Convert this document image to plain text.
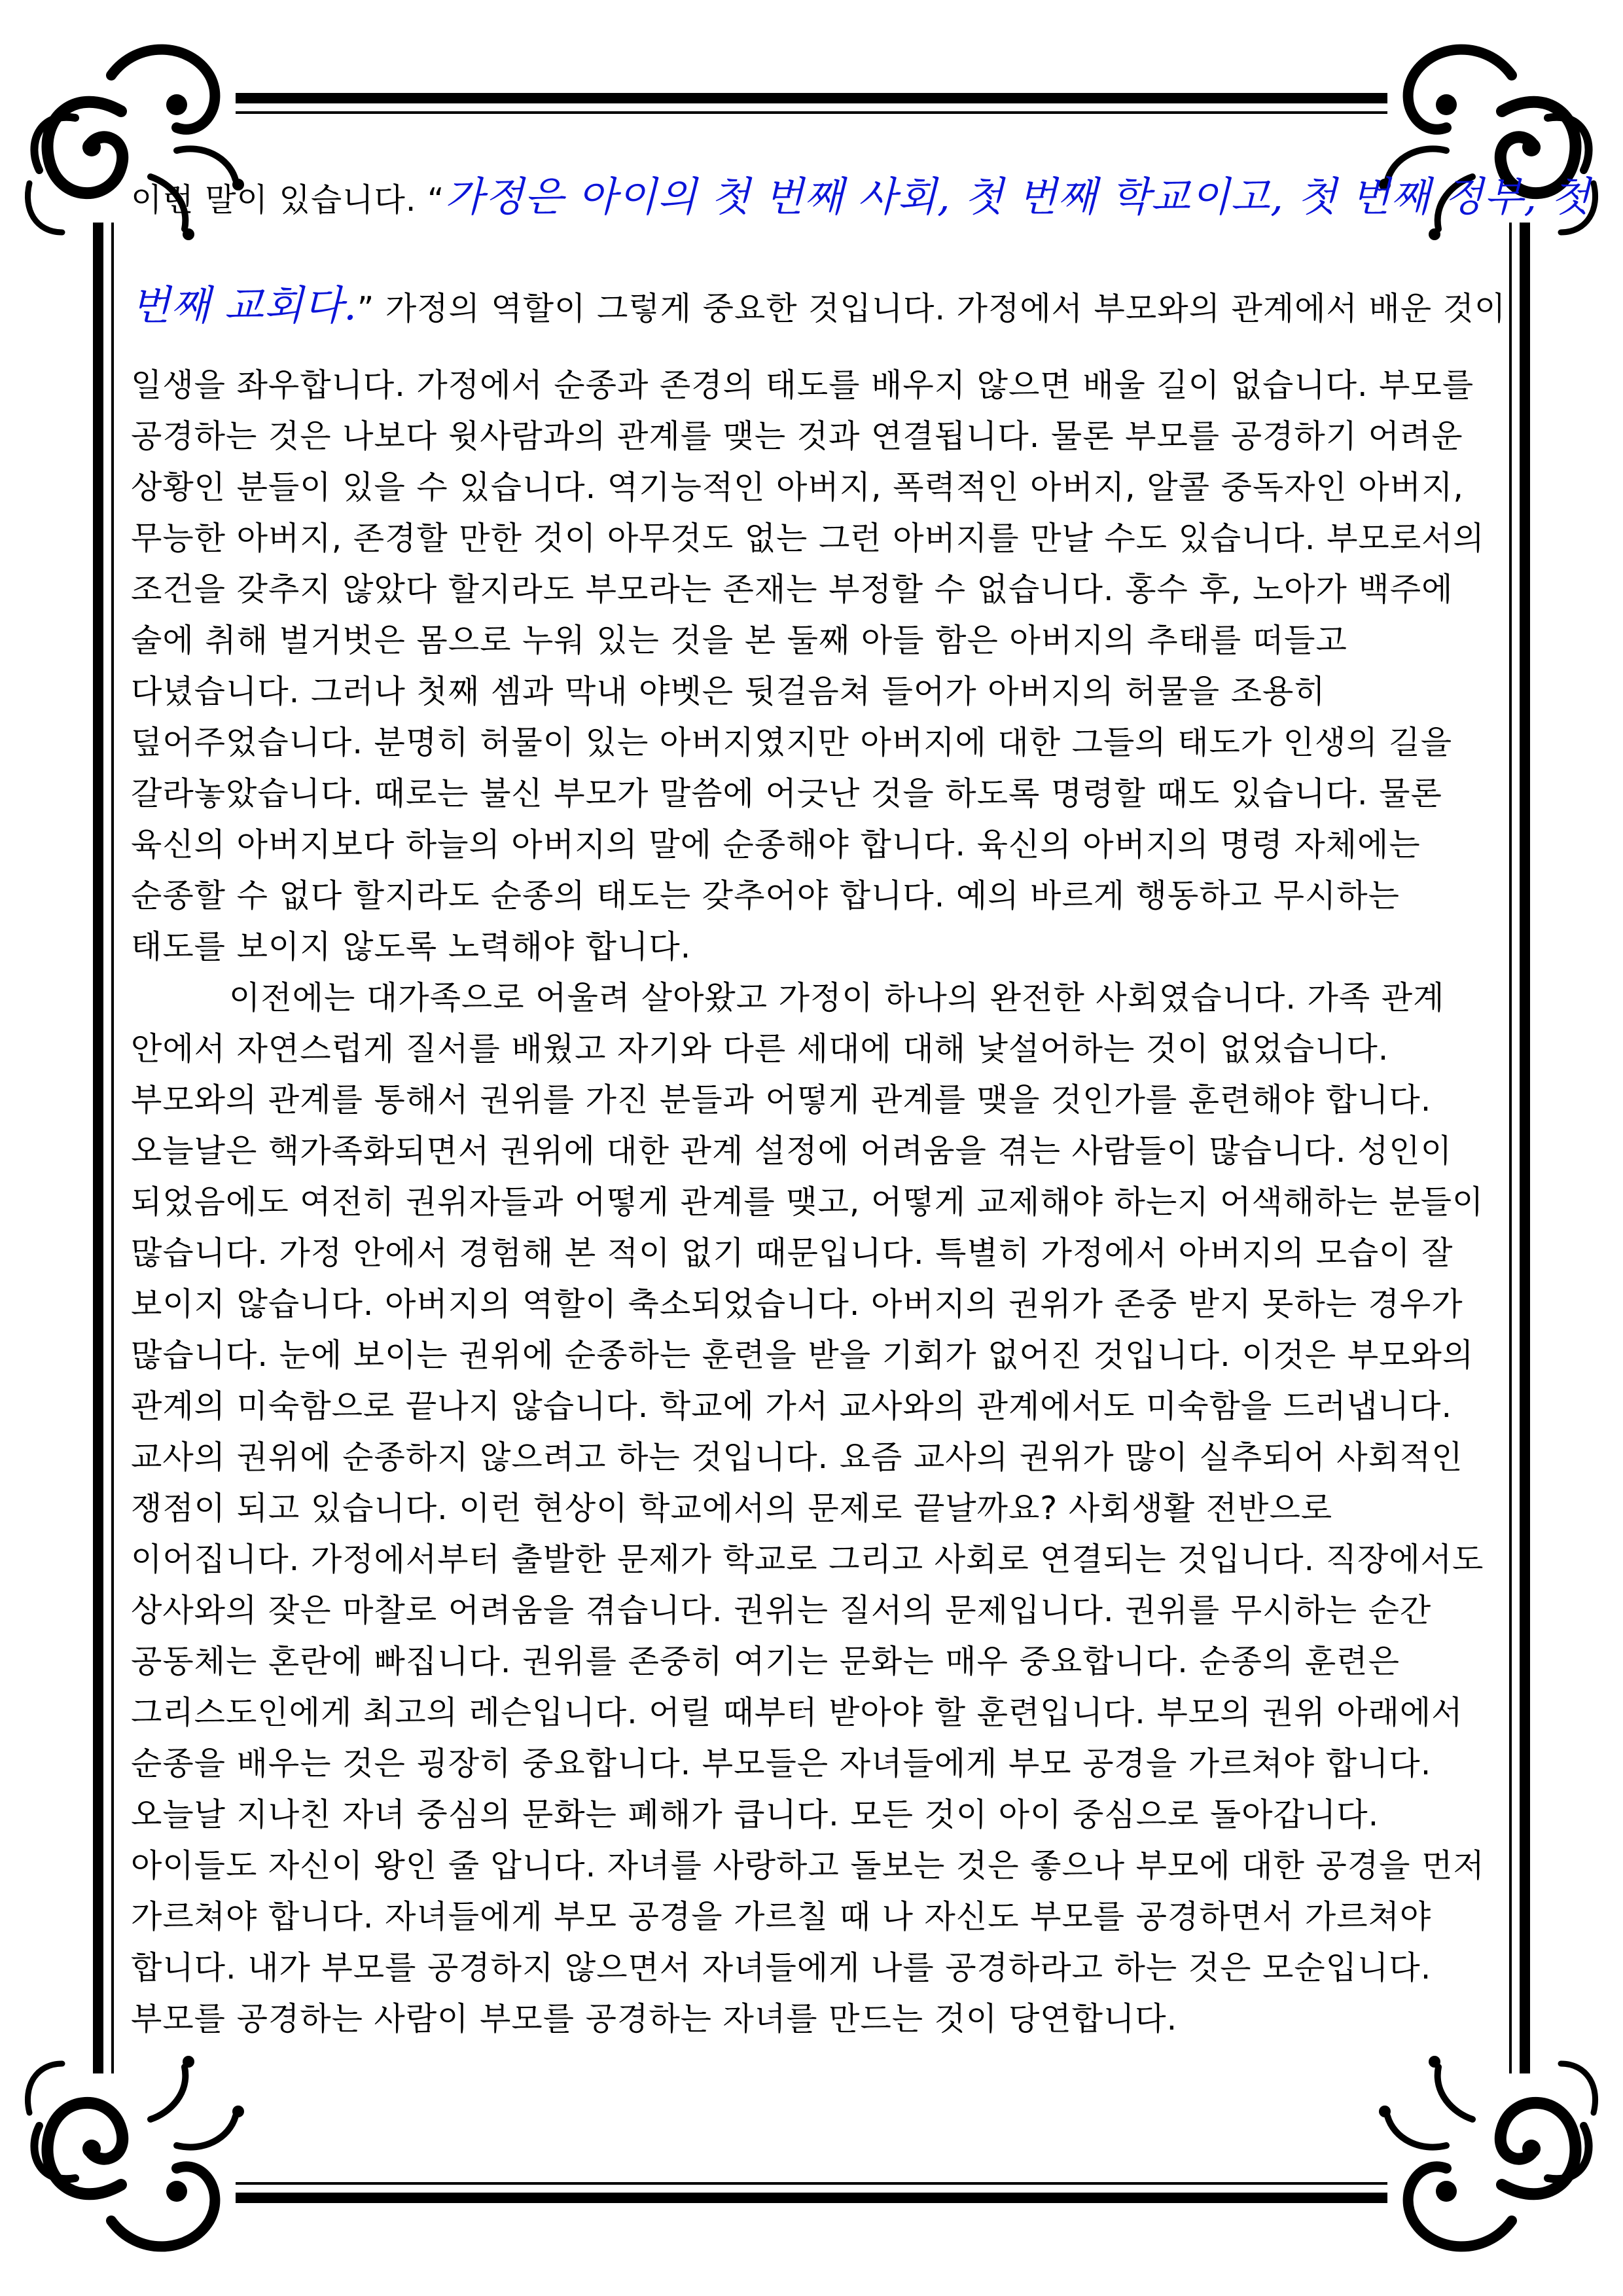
이런 말이 있습니다. “가정은 아이의 첫 번째 사회, 첫 번째 학교이고, 첫 번째 정부, 첫
번째 교회다.” 가정의 역할이 그렇게 중요한 것입니다. 가정에서 부모와의 관계에서 배운 것이
일생을 좌우합니다. 가정에서 순종과 존경의 태도를 배우지 않으면 배울 길이 없습니다. 부모를
공경하는 것은 나보다 윗사람과의 관계를 맺는 것과 연결됩니다. 물론 부모를 공경하기 어려운
상황인 분들이 있을 수 있습니다. 역기능적인 아버지, 폭력적인 아버지, 알콜 중독자인 아버지,
무능한 아버지, 존경할 만한 것이 아무것도 없는 그런 아버지를 만날 수도 있습니다. 부모로서의
조건을 갖추지 않았다 할지라도 부모라는 존재는 부정할 수 없습니다. 홍수 후, 노아가 백주에
술에 취해 벌거벗은 몸으로 누워 있는 것을 본 둘째 아들 함은 아버지의 추태를 떠들고
다녔습니다. 그러나 첫째 셈과 막내 야벳은 뒷걸음쳐 들어가 아버지의 허물을 조용히
덮어주었습니다. 분명히 허물이 있는 아버지였지만 아버지에 대한 그들의 태도가 인생의 길을
갈라놓았습니다. 때로는 불신 부모가 말씀에 어긋난 것을 하도록 명령할 때도 있습니다. 물론
육신의 아버지보다 하늘의 아버지의 말에 순종해야 합니다. 육신의 아버지의 명령 자체에는
순종할 수 없다 할지라도 순종의 태도는 갖추어야 합니다. 예의 바르게 행동하고 무시하는
태도를 보이지 않도록 노력해야 합니다.
　　　이전에는 대가족으로 어울려 살아왔고 가정이 하나의 완전한 사회였습니다. 가족 관계
안에서 자연스럽게 질서를 배웠고 자기와 다른 세대에 대해 낯설어하는 것이 없었습니다.
부모와의 관계를 통해서 권위를 가진 분들과 어떻게 관계를 맺을 것인가를 훈련해야 합니다.
오늘날은 핵가족화되면서 권위에 대한 관계 설정에 어려움을 겪는 사람들이 많습니다. 성인이
되었음에도 여전히 권위자들과 어떻게 관계를 맺고, 어떻게 교제해야 하는지 어색해하는 분들이
많습니다. 가정 안에서 경험해 본 적이 없기 때문입니다. 특별히 가정에서 아버지의 모습이 잘
보이지 않습니다. 아버지의 역할이 축소되었습니다. 아버지의 권위가 존중 받지 못하는 경우가
많습니다. 눈에 보이는 권위에 순종하는 훈련을 받을 기회가 없어진 것입니다. 이것은 부모와의
관계의 미숙함으로 끝나지 않습니다. 학교에 가서 교사와의 관계에서도 미숙함을 드러냅니다.
교사의 권위에 순종하지 않으려고 하는 것입니다. 요즘 교사의 권위가 많이 실추되어 사회적인
쟁점이 되고 있습니다. 이런 현상이 학교에서의 문제로 끝날까요? 사회생활 전반으로
이어집니다. 가정에서부터 출발한 문제가 학교로 그리고 사회로 연결되는 것입니다. 직장에서도
상사와의 잦은 마찰로 어려움을 겪습니다. 권위는 질서의 문제입니다. 권위를 무시하는 순간
공동체는 혼란에 빠집니다. 권위를 존중히 여기는 문화는 매우 중요합니다. 순종의 훈련은
그리스도인에게 최고의 레슨입니다. 어릴 때부터 받아야 할 훈련입니다. 부모의 권위 아래에서
순종을 배우는 것은 굉장히 중요합니다. 부모들은 자녀들에게 부모 공경을 가르쳐야 합니다.
오늘날 지나친 자녀 중심의 문화는 폐해가 큽니다. 모든 것이 아이 중심으로 돌아갑니다.
아이들도 자신이 왕인 줄 압니다. 자녀를 사랑하고 돌보는 것은 좋으나 부모에 대한 공경을 먼저
가르쳐야 합니다. 자녀들에게 부모 공경을 가르칠 때 나 자신도 부모를 공경하면서 가르쳐야
합니다. 내가 부모를 공경하지 않으면서 자녀들에게 나를 공경하라고 하는 것은 모순입니다.
부모를 공경하는 사람이 부모를 공경하는 자녀를 만드는 것이 당연합니다.
